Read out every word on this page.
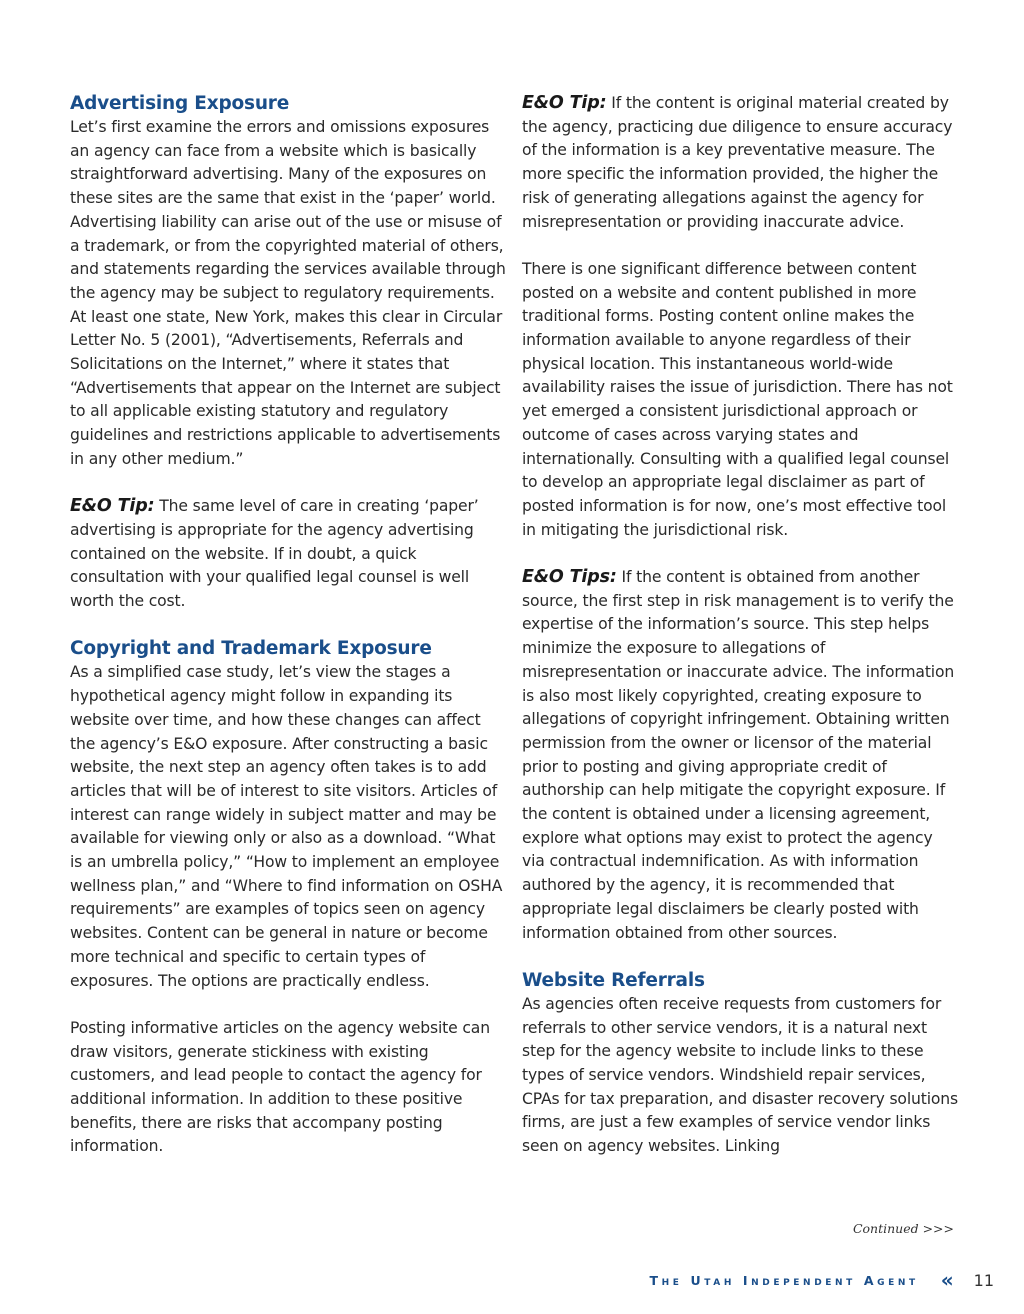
Advertising Exposure

Let’s first examine the errors and omissions exposures an agency can face from a website which is basically straightforward advertising. Many of the exposures on these sites are the same that exist in the ‘paper’ world. Advertising liability can arise out of the use or misuse of a trademark, or from the copyrighted material of others, and statements regarding the services available through the agency may be subject to regulatory requirements. At least one state, New York, makes this clear in Circular Letter No. 5 (2001), “Advertisements, Referrals and Solicitations on the Internet,” where it states that “Advertisements that appear on the Internet are subject to all applicable existing statutory and regulatory guidelines and restrictions applicable to advertisements in any other medium.”

E&O Tip: The same level of care in creating ‘paper’ advertising is appropriate for the agency advertising contained on the website. If in doubt, a quick consultation with your qualified legal counsel is well worth the cost.

Copyright and Trademark Exposure

As a simplified case study, let’s view the stages a hypothetical agency might follow in expanding its website over time, and how these changes can affect the agency’s E&O exposure. After constructing a basic website, the next step an agency often takes is to add articles that will be of interest to site visitors. Articles of interest can range widely in subject matter and may be available for viewing only or also as a download. “What is an umbrella policy,” “How to implement an employee wellness plan,” and “Where to find information on OSHA requirements” are examples of topics seen on agency websites. Content can be general in nature or become more technical and specific to certain types of exposures. The options are practically endless.

Posting informative articles on the agency website can draw visitors, generate stickiness with existing customers, and lead people to contact the agency for additional information. In addition to these positive benefits, there are risks that accompany posting information.

E&O Tip: If the content is original material created by the agency, practicing due diligence to ensure accuracy of the information is a key preventative measure. The more specific the information provided, the higher the risk of generating allegations against the agency for misrepresentation or providing inaccurate advice.

There is one significant difference between content posted on a website and content published in more traditional forms. Posting content online makes the information available to anyone regardless of their physical location. This instantaneous world-wide availability raises the issue of jurisdiction. There has not yet emerged a consistent jurisdictional approach or outcome of cases across varying states and internationally. Consulting with a qualified legal counsel to develop an appropriate legal disclaimer as part of posted information is for now, one’s most effective tool in mitigating the jurisdictional risk.

E&O Tips: If the content is obtained from another source, the first step in risk management is to verify the expertise of the information’s source. This step helps minimize the exposure to allegations of misrepresentation or inaccurate advice. The information is also most likely copyrighted, creating exposure to allegations of copyright infringement. Obtaining written permission from the owner or licensor of the material prior to posting and giving appropriate credit of authorship can help mitigate the copyright exposure. If the content is obtained under a licensing agreement, explore what options may exist to protect the agency via contractual indemnification. As with information authored by the agency, it is recommended that appropriate legal disclaimers be clearly posted with information obtained from other sources.

Website Referrals

As agencies often receive requests from customers for referrals to other service vendors, it is a natural next step for the agency website to include links to these types of service vendors. Windshield repair services, CPAs for tax preparation, and disaster recovery solutions firms, are just a few examples of service vendor links seen on agency websites. Linking

Continued >>>
The Utah Independent Agent « 11
